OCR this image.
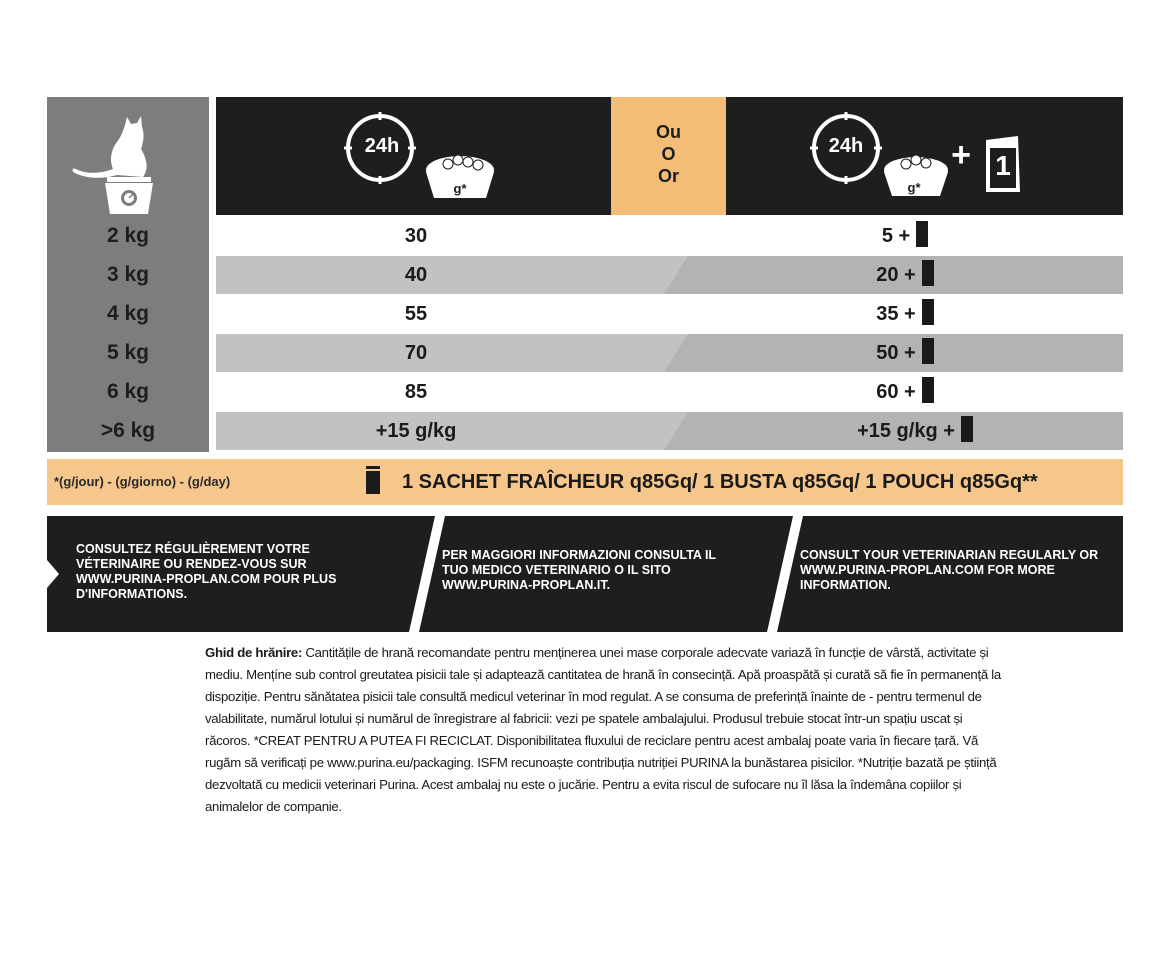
24h
g*
Ou
O
Or
24h
g*
+ 1
2 kg
3 kg
4 kg
5 kg
6 kg
>6 kg
30
40
55
70
85
+15 g/kg
5 +
20 +
35 +
50 +
60 +
+15 g/kg +
*(g/jour) - (g/giorno) - (g/day)	1 SACHET FRAÎCHEUR q85Gq/ 1 BUSTA q85Gq/ 1 POUCH q85Gq**
CONSULTEZ RÉGULIÈREMENT VOTRE VÉTERINAIRE OU RENDEZ-VOUS SUR WWW.PURINA-PROPLAN.COM POUR PLUS D'INFORMATIONS.
PER MAGGIORI INFORMAZIONI CONSULTA IL TUO MEDICO VETERINARIO O IL SITO WWW.PURINA-PROPLAN.IT.
CONSULT YOUR VETERINARIAN REGULARLY OR WWW.PURINA-PROPLAN.COM FOR MORE INFORMATION.
Ghid de hrănire: Cantitățile de hrană recomandate pentru menținerea unei mase corporale adecvate variază în funcție de vârstă, activitate și mediu. Mențíne sub control greutatea pisicii tale și adaptează cantitatea de hrană în consecință. Apă proaspătă și curată să fie în permanență la dispoziție. Pentru sănătatea pisicii tale consultă medicul veterinar în mod regulat. A se consuma de preferință înainte de - pentru termenul de valabilitate, numărul lotului și numărul de înregistrare al fabricii: vezi pe spatele ambalajului. Produsul trebuie stocat într-un spațiu uscat și răcoros. *CREAT PENTRU A PUTEA FI RECICLAT. Disponibilitatea fluxului de reciclare pentru acest ambalaj poate varia în fiecare țară. Vă rugăm să verificați pe www.purina.eu/packaging. ISFM recunoaște contribuția nutriției PURINA la bunăstarea pisicilor. *Nutriție bazată pe știință dezvoltată cu medicii veterinari Purina. Acest ambalaj nu este o jucărie. Pentru a evita riscul de sufocare nu îl lăsa la îndemâna copiilor și animalelor de companie.
